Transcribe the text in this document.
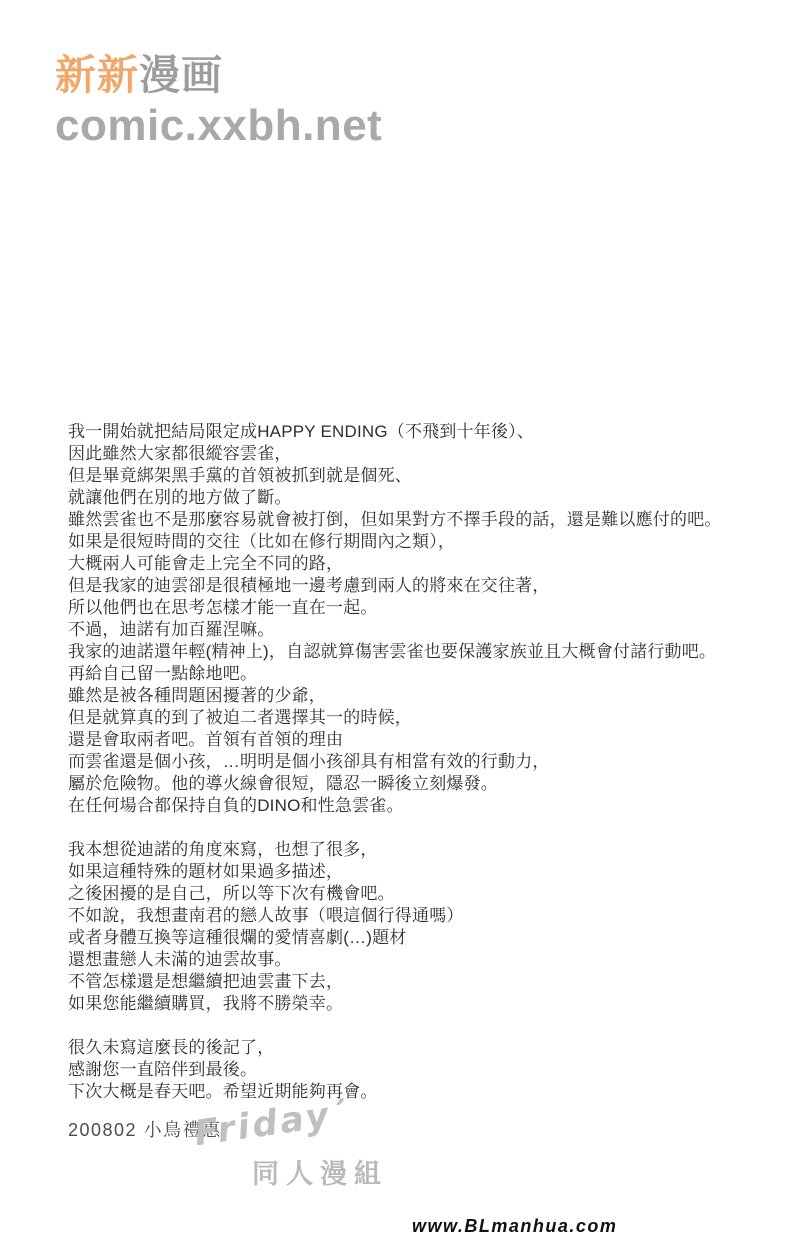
新新漫画
comic.xxbh.net
我一開始就把結局限定成HAPPY ENDING（不飛到十年後）、
因此雖然大家都很縱容雲雀，
但是畢竟綁架黑手黨的首領被抓到就是個死、
就讓他們在別的地方做了斷。
雖然雲雀也不是那麼容易就會被打倒，但如果對方不擇手段的話，還是難以應付的吧。
如果是很短時間的交往（比如在修行期間內之類），
大概兩人可能會走上完全不同的路，
但是我家的迪雲卻是很積極地一邊考慮到兩人的將來在交往著，
所以他們也在思考怎樣才能一直在一起。
不過，迪諾有加百羅涅嘛。
我家的迪諾還年輕(精神上)，自認就算傷害雲雀也要保護家族並且大概會付諸行動吧。
再給自己留一點餘地吧。
雖然是被各種問題困擾著的少爺，
但是就算真的到了被迫二者選擇其一的時候，
還是會取兩者吧。首領有首領的理由
而雲雀還是個小孩，…明明是個小孩卻具有相當有效的行動力，
屬於危險物。他的導火線會很短，隱忍一瞬後立刻爆發。
在任何場合都保持自負的DINO和性急雲雀。

我本想從迪諾的角度來寫，也想了很多，
如果這種特殊的題材如果過多描述，
之後困擾的是自己，所以等下次有機會吧。
不如說，我想畫南君的戀人故事（喂這個行得通嗎）
或者身體互換等這種很爛的愛情喜劇(…)題材
還想畫戀人未滿的迪雲故事。
不管怎樣還是想繼續把迪雲畫下去，
如果您能繼續購買，我將不勝榮幸。

很久未寫這麼長的後記了，
感謝您一直陪伴到最後。
下次大概是春天吧。希望近期能夠再會。
200802 小鳥禮惠
Friday’
同人漫組
www.BLmanhua.com
